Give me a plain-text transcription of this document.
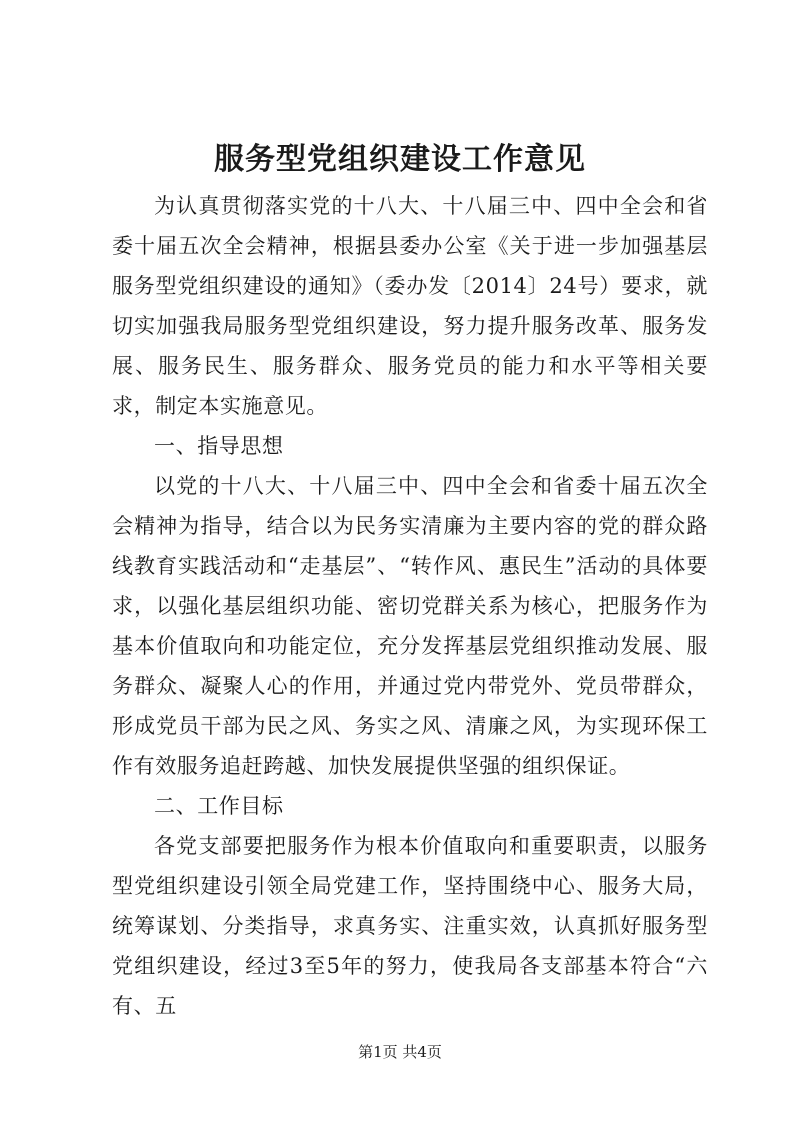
服务型党组织建设工作意见

为认真贯彻落实党的十八大、十八届三中、四中全会和省委十届五次全会精神，根据县委办公室《关于进一步加强基层服务型党组织建设的通知》（委办发〔2014〕24号）要求，就切实加强我局服务型党组织建设，努力提升服务改革、服务发展、服务民生、服务群众、服务党员的能力和水平等相关要求，制定本实施意见。

一、指导思想

以党的十八大、十八届三中、四中全会和省委十届五次全会精神为指导，结合以为民务实清廉为主要内容的党的群众路线教育实践活动和“走基层”、“转作风、惠民生”活动的具体要求，以强化基层组织功能、密切党群关系为核心，把服务作为基本价值取向和功能定位，充分发挥基层党组织推动发展、服务群众、凝聚人心的作用，并通过党内带党外、党员带群众，形成党员干部为民之风、务实之风、清廉之风，为实现环保工作有效服务追赶跨越、加快发展提供坚强的组织保证。

二、工作目标

各党支部要把服务作为根本价值取向和重要职责，以服务型党组织建设引领全局党建工作，坚持围绕中心、服务大局，统筹谋划、分类指导，求真务实、注重实效，认真抓好服务型党组织建设，经过3至5年的努力，使我局各支部基本符合“六有、五

第1页 共4页
